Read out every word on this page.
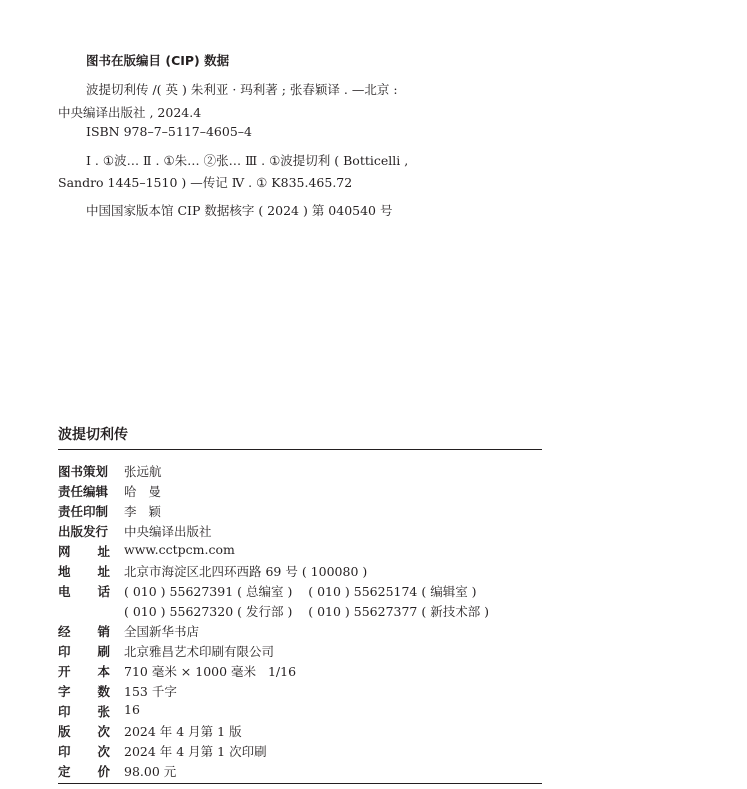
图书在版编目 (CIP) 数据
波提切利传 /( 英 ) 朱利亚 · 玛利著 ; 张春颖译 . —北京 :
中央编译出版社 , 2024.4
ISBN 978–7–5117–4605–4
Ⅰ . ①波… Ⅱ . ①朱… ②张… Ⅲ . ①波提切利 ( Botticelli ,
Sandro 1445–1510 ) —传记 Ⅳ . ① K835.465.72
中国国家版本馆 CIP 数据核字 ( 2024 ) 第 040540 号
波提切利传
图书策划	张远航
责任编辑	哈   曼
责任印制	李   颖
出版发行	中央编译出版社
网 址 www.cctpcm.com
地 址 北京市海淀区北四环西路 69 号 ( 100080 )
电 话 ( 010 ) 55627391 ( 总编室 )    ( 010 ) 55625174 ( 编辑室 )
( 010 ) 55627320 ( 发行部 )    ( 010 ) 55627377 ( 新技术部 )
经 销 全国新华书店
印 刷 北京雅昌艺术印刷有限公司
开 本 710 毫米 × 1000 毫米   1/16
字 数 153 千字
印 张 16
版 次 2024 年 4 月第 1 版
印 次 2024 年 4 月第 1 次印刷
定 价 98.00 元
